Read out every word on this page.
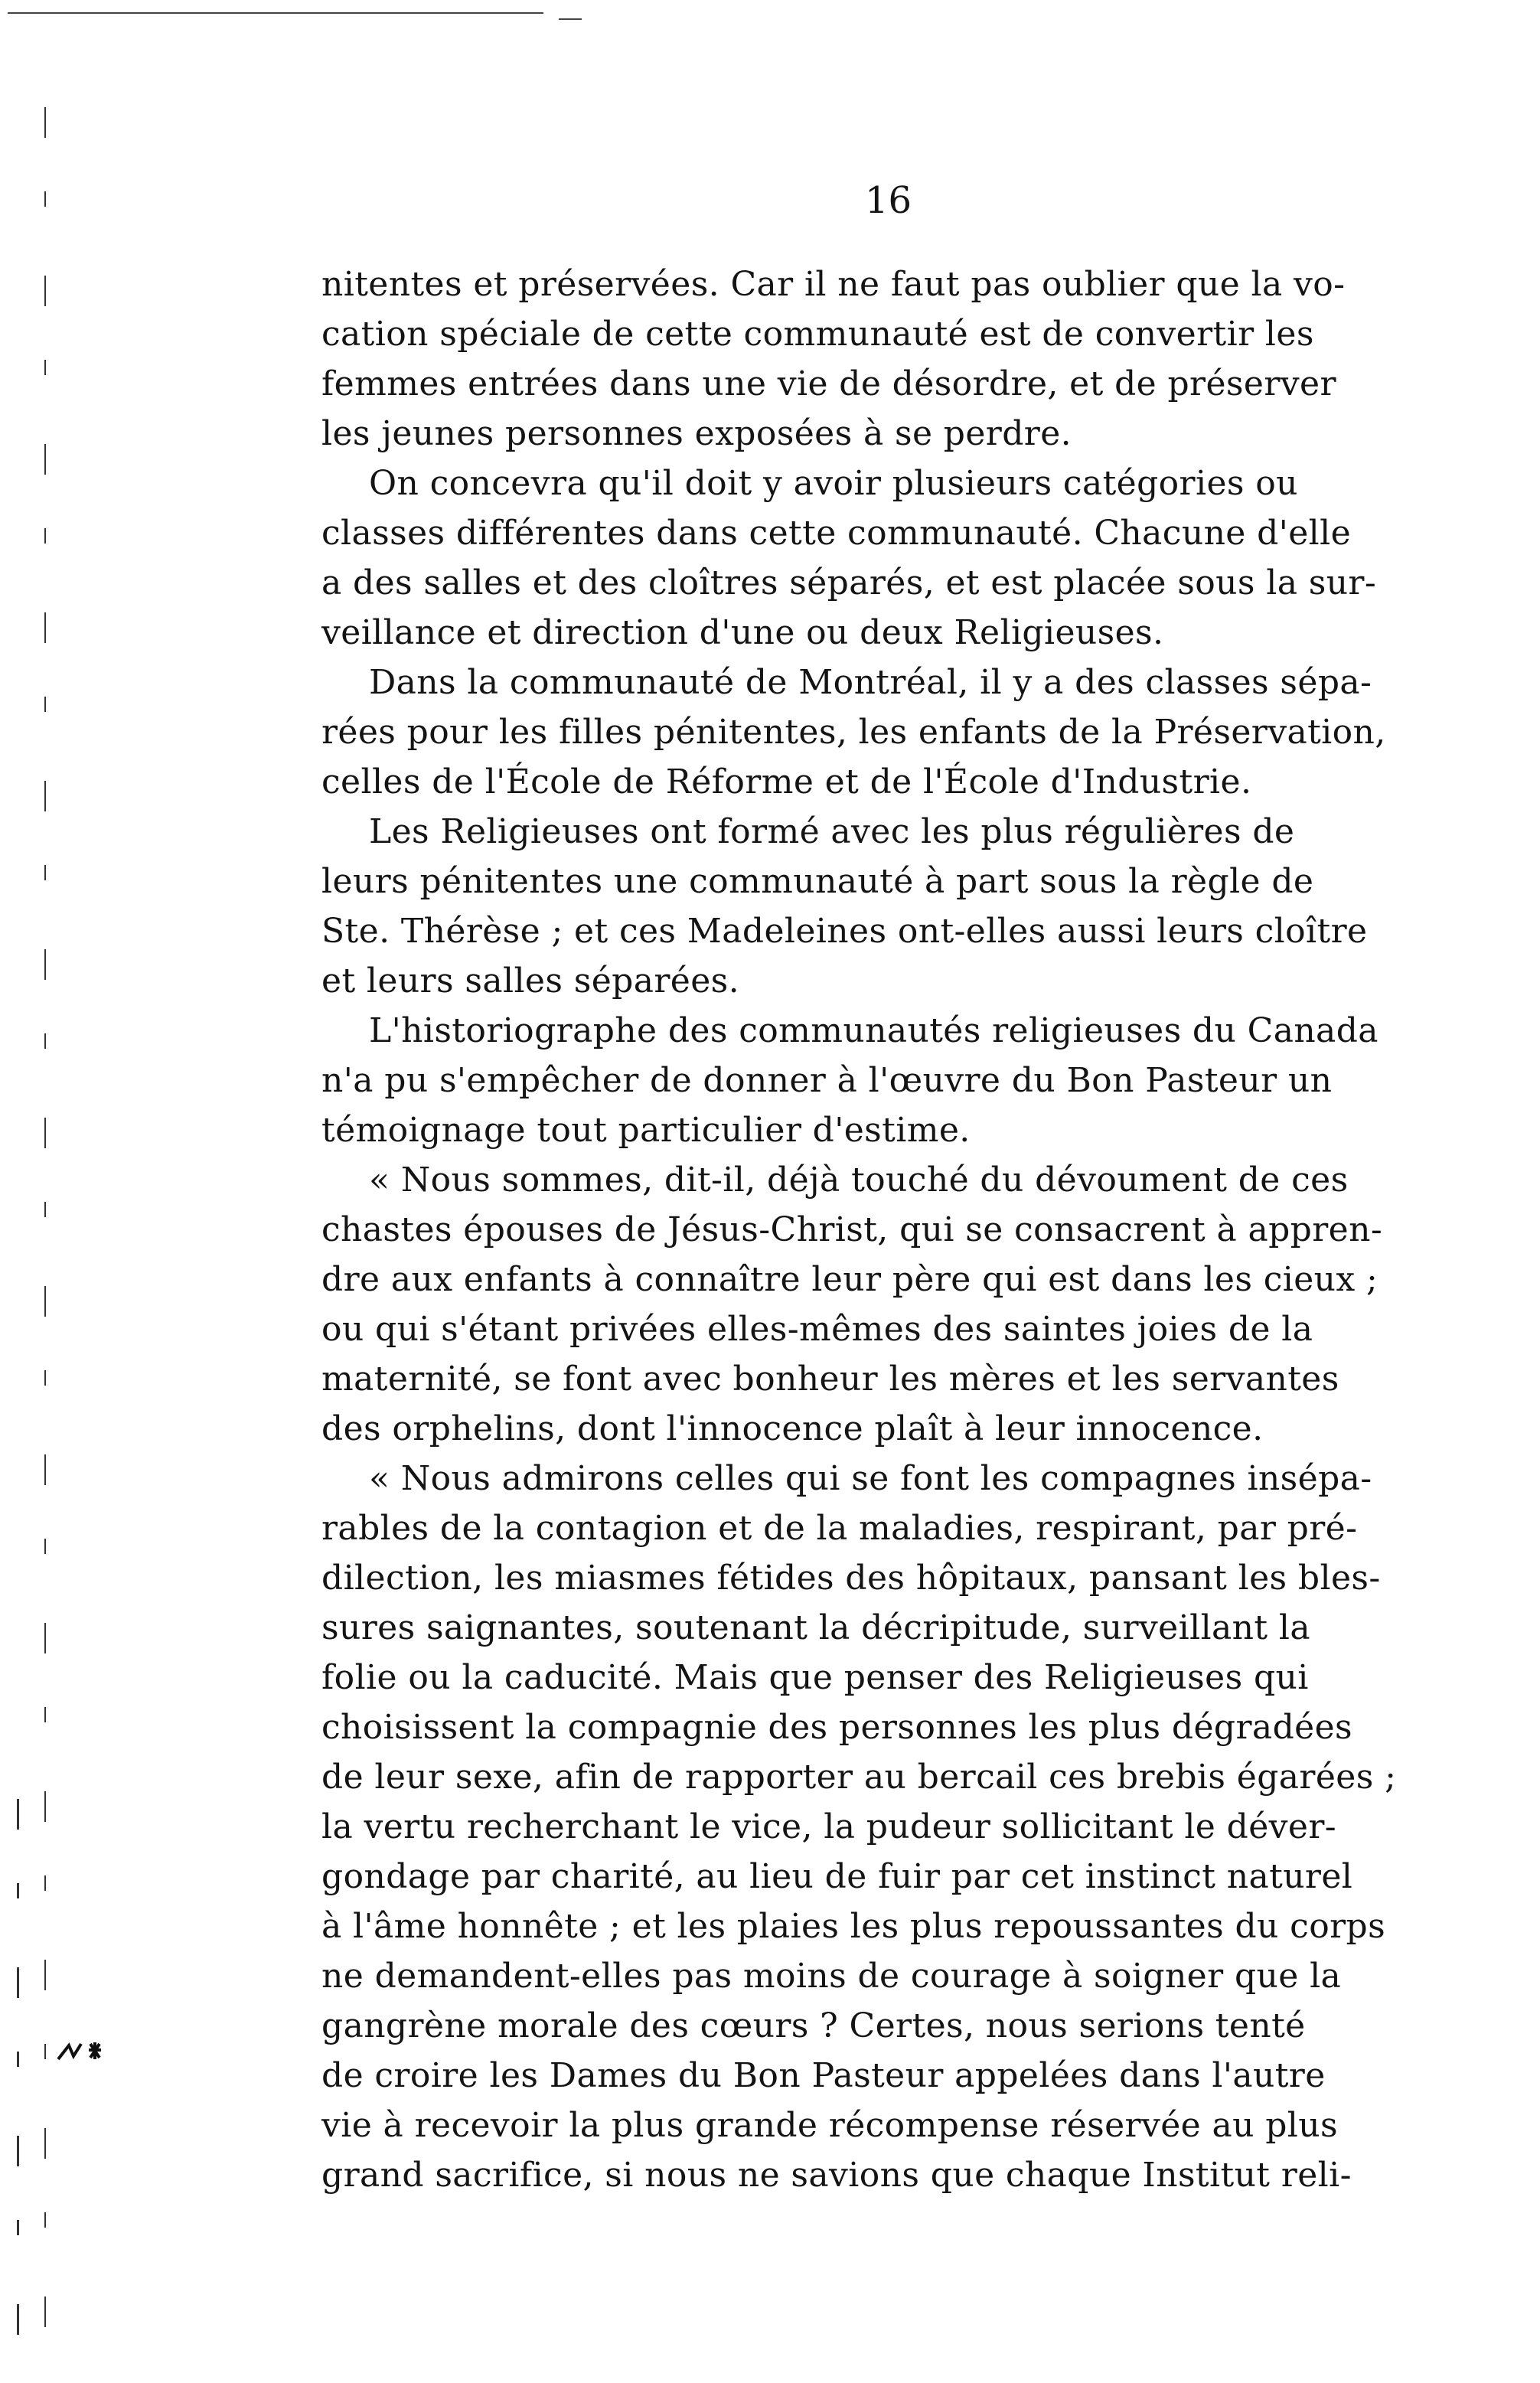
16
nitentes et préservées. Car il ne faut pas oublier que la vo-
cation spéciale de cette communauté est de convertir les
femmes entrées dans une vie de désordre, et de préserver
les jeunes personnes exposées à se perdre.
On concevra qu'il doit y avoir plusieurs catégories ou
classes différentes dans cette communauté. Chacune d'elle
a des salles et des cloîtres séparés, et est placée sous la sur-
veillance et direction d'une ou deux Religieuses.
Dans la communauté de Montréal, il y a des classes sépa-
rées pour les filles pénitentes, les enfants de la Préservation,
celles de l'École de Réforme et de l'École d'Industrie.
Les Religieuses ont formé avec les plus régulières de
leurs pénitentes une communauté à part sous la règle de
Ste. Thérèse ; et ces Madeleines ont-elles aussi leurs cloître
et leurs salles séparées.
L'historiographe des communautés religieuses du Canada
n'a pu s'empêcher de donner à l'œuvre du Bon Pasteur un
témoignage tout particulier d'estime.
« Nous sommes, dit-il, déjà touché du dévoument de ces
chastes épouses de Jésus-Christ, qui se consacrent à appren-
dre aux enfants à connaître leur père qui est dans les cieux ;
ou qui s'étant privées elles-mêmes des saintes joies de la
maternité, se font avec bonheur les mères et les servantes
des orphelins, dont l'innocence plaît à leur innocence.
« Nous admirons celles qui se font les compagnes insépa-
rables de la contagion et de la maladies, respirant, par pré-
dilection, les miasmes fétides des hôpitaux, pansant les bles-
sures saignantes, soutenant la décripitude, surveillant la
folie ou la caducité. Mais que penser des Religieuses qui
choisissent la compagnie des personnes les plus dégradées
de leur sexe, afin de rapporter au bercail ces brebis égarées ;
la vertu recherchant le vice, la pudeur sollicitant le déver-
gondage par charité, au lieu de fuir par cet instinct naturel
à l'âme honnête ; et les plaies les plus repoussantes du corps
ne demandent-elles pas moins de courage à soigner que la
gangrène morale des cœurs ? Certes, nous serions tenté
de croire les Dames du Bon Pasteur appelées dans l'autre
vie à recevoir la plus grande récompense réservée au plus
grand sacrifice, si nous ne savions que chaque Institut reli-
